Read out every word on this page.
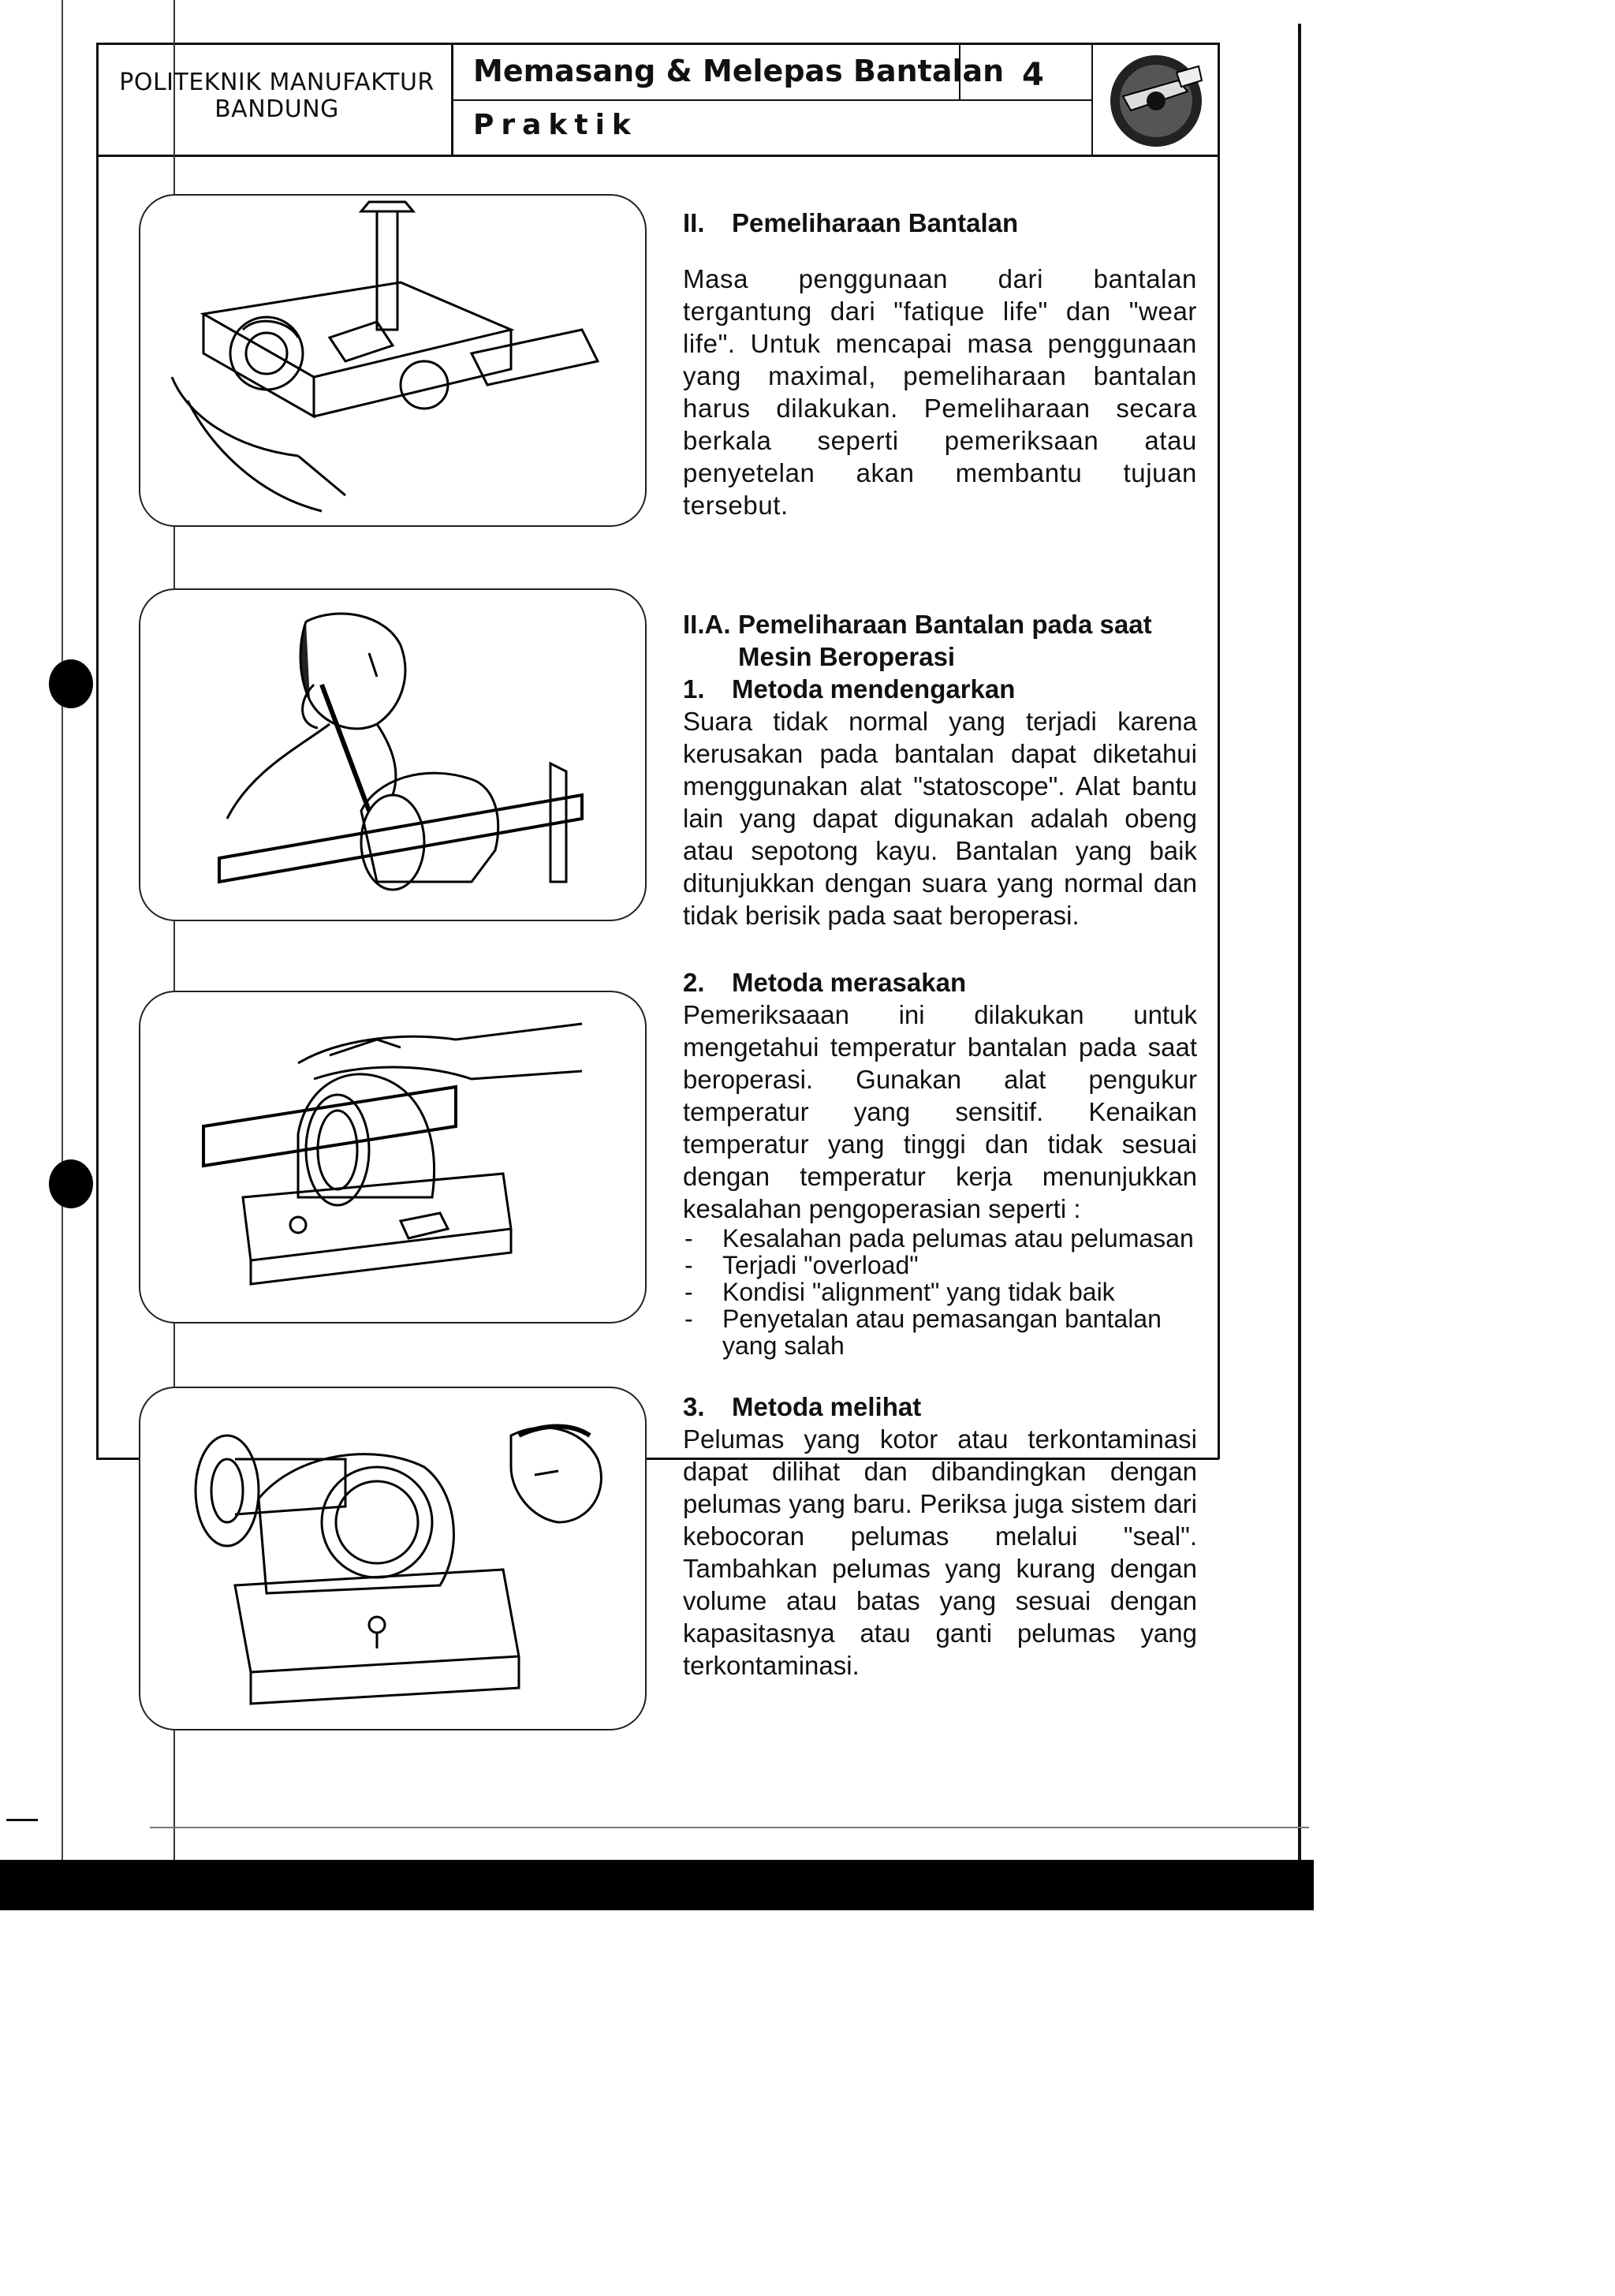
POLITEKNIK MANUFAKTUR
BANDUNG
Memasang & Melepas Bantalan 4
Praktik
II. Pemeliharaan Bantalan

Masa penggunaan dari bantalan tergantung dari "fatique life" dan "wear life". Untuk mencapai masa penggunaan yang maximal, pemeliharaan bantalan harus dilakukan. Pemeliharaan secara berkala seperti pemeriksaan atau penyetelan akan membantu tujuan tersebut.

II.A. Pemeliharaan Bantalan pada saat
Mesin Beroperasi
1. Metoda mendengarkan

Suara tidak normal yang terjadi karena kerusakan pada bantalan dapat diketahui menggunakan alat "statoscope". Alat bantu lain yang dapat digunakan adalah obeng atau sepotong kayu. Bantalan yang baik ditunjukkan dengan suara yang normal dan tidak berisik pada saat beroperasi.

2. Metoda merasakan

Pemeriksaaan ini dilakukan untuk mengetahui temperatur bantalan pada saat beroperasi. Gunakan alat pengukur temperatur yang sensitif. Kenaikan temperatur yang tinggi dan tidak sesuai dengan temperatur kerja menunjukkan kesalahan pengoperasian seperti :

- Kesalahan pada pelumas atau pelumasan
- Terjadi "overload"
- Kondisi "alignment" yang tidak baik
- Penyetalan atau pemasangan bantalan yang salah
3. Metoda melihat

Pelumas yang kotor atau terkontaminasi dapat dilihat dan dibandingkan dengan pelumas yang baru. Periksa juga sistem dari kebocoran pelumas melalui "seal". Tambahkan pelumas yang kurang dengan volume atau batas yang sesuai dengan kapasitasnya atau ganti pelumas yang terkontaminasi.
